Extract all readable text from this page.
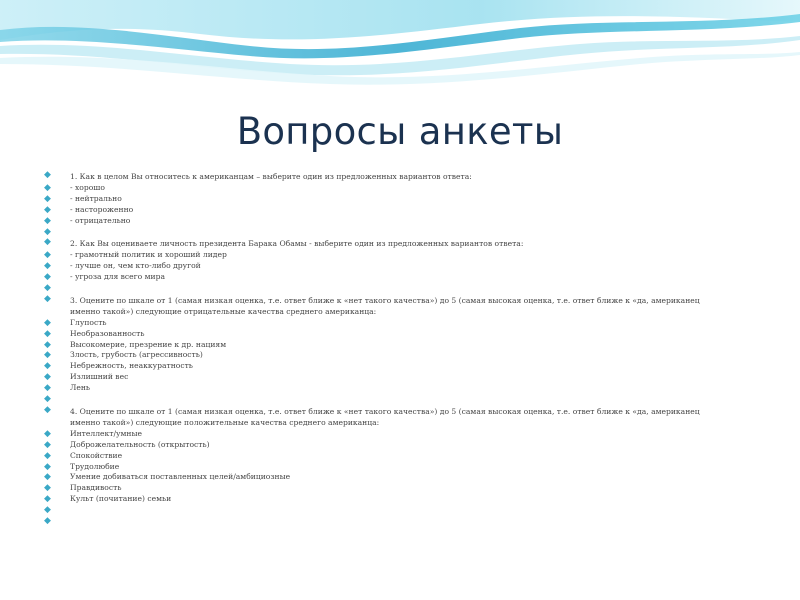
Вопросы анкеты
◆	1. Как в целом Вы относитесь к американцам – выберите один из предложенных вариантов ответа:
◆	- хорошо
◆	- нейтрально
◆	- настороженно
◆	- отрицательно
◆
◆	2. Как Вы оцениваете личность президента Барака Обамы - выберите один из предложенных вариантов ответа:
◆	- грамотный политик и хороший лидер
◆	- лучше он, чем кто-либо другой
◆	- угроза для всего мира
◆
◆	3. Оцените по шкале от 1 (самая низкая оценка, т.е. ответ ближе к «нет такого качества») до 5 (самая высокая оценка, т.е. ответ ближе к «да, американец именно такой») следующие отрицательные качества среднего американца:
◆	Глупость
◆	Необразованность
◆	Высокомерие, презрение к др. нациям
◆	Злость, грубость (агрессивность)
◆	Небрежность, неаккуратность
◆	Излишний вес
◆	Лень
◆
◆	4. Оцените по шкале от 1 (самая низкая оценка, т.е. ответ ближе к «нет такого качества») до 5 (самая высокая оценка, т.е. ответ ближе к «да, американец именно такой») следующие положительные качества среднего американца:
◆	Интеллект/умные
◆	Доброжелательность (открытость)
◆	Спокойствие
◆	Трудолюбие
◆	Умение добиваться поставленных целей/амбициозные
◆	Правдивость
◆	Культ (почитание) семьи
◆
◆
